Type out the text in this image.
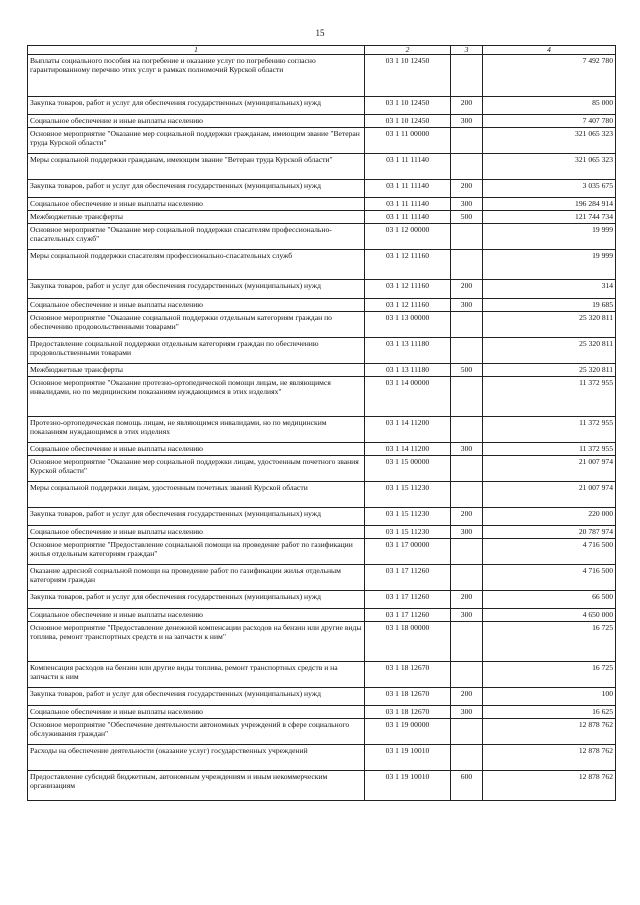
15
1	2	3	4
Выплаты социального пособия на погребение и оказание услуг по погребению согласно гарантированному перечню этих услуг в рамках полномочий Курской области	03 1 10 12450		7 492 780
Закупка товаров, работ и услуг для обеспечения государственных (муниципальных) нужд	03 1 10 12450	200	85 000
Социальное обеспечение и иные выплаты населению	03 1 10 12450	300	7 407 780
Основное мероприятие "Оказание мер социальной поддержки гражданам, имеющим звание "Ветеран труда Курской области"	03 1 11 00000		321 065 323
Меры социальной поддержки гражданам, имеющим звание "Ветеран труда Курской области"	03 1 11 11140		321 065 323
Закупка товаров, работ и услуг для обеспечения государственных (муниципальных) нужд	03 1 11 11140	200	3 035 675
Социальное обеспечение и иные выплаты населению	03 1 11 11140	300	196 284 914
Межбюджетные трансферты	03 1 11 11140	500	121 744 734
Основное мероприятие "Оказание мер социальной поддержки спасателям профессионально-спасательных служб"	03 1 12 00000		19 999
Меры социальной поддержки спасателям профессионально-спасательных служб	03 1 12 11160		19 999
Закупка товаров, работ и услуг для обеспечения государственных (муниципальных) нужд	03 1 12 11160	200	314
Социальное обеспечение и иные выплаты населению	03 1 12 11160	300	19 685
Основное мероприятие "Оказание социальной поддержки отдельным категориям граждан по обеспечению продовольственными товарами"	03 1 13 00000		25 320 811
Предоставление социальной поддержки отдельным категориям граждан по обеспечению продовольственными товарами	03 1 13 11180		25 320 811
Межбюджетные трансферты	03 1 13 11180	500	25 320 811
Основное мероприятие "Оказание протезно-ортопедической помощи лицам, не являющимся инвалидами, но по медицинским показаниям нуждающимся в этих изделиях"	03 1 14 00000		11 372 955
Протезно-ортопедическая помощь лицам, не являющимся инвалидами, но по медицинским показаниям нуждающимся в этих изделиях	03 1 14 11200		11 372 955
Социальное обеспечение и иные выплаты населению	03 1 14 11200	300	11 372 955
Основное мероприятие "Оказание мер социальной поддержки лицам, удостоенным почетного звания Курской области"	03 1 15 00000		21 007 974
Меры социальной поддержки лицам, удостоенным почетных званий Курской области	03 1 15 11230		21 007 974
Закупка товаров, работ и услуг для обеспечения государственных (муниципальных) нужд	03 1 15 11230	200	220 000
Социальное обеспечение и иные выплаты населению	03 1 15 11230	300	20 787 974
Основное мероприятие "Предоставление социальной помощи на проведение работ по газификации жилья отдельным категориям граждан"	03 1 17 00000		4 716 500
Оказание адресной социальной помощи на проведение работ по газификации жилья отдельным категориям граждан	03 1 17 11260		4 716 500
Закупка товаров, работ и услуг для обеспечения государственных (муниципальных) нужд	03 1 17 11260	200	66 500
Социальное обеспечение и иные выплаты населению	03 1 17 11260	300	4 650 000
Основное мероприятие "Предоставление денежной компенсации расходов на бензин или другие виды топлива, ремонт транспортных средств и на запчасти к ним"	03 1 18 00000		16 725
Компенсация расходов на бензин или другие виды топлива, ремонт транспортных средств и на запчасти к ним	03 1 18 12670		16 725
Закупка товаров, работ и услуг для обеспечения государственных (муниципальных) нужд	03 1 18 12670	200	100
Социальное обеспечение и иные выплаты населению	03 1 18 12670	300	16 625
Основное мероприятие "Обеспечение деятельности автономных учреждений в сфере социального обслуживания граждан"	03 1 19 00000		12 878 762
Расходы на обеспечение деятельности (оказание услуг) государственных учреждений	03 1 19 10010		12 878 762
Предоставление субсидий бюджетным, автономным учреждениям и иным некоммерческим организациям	03 1 19 10010	600	12 878 762
